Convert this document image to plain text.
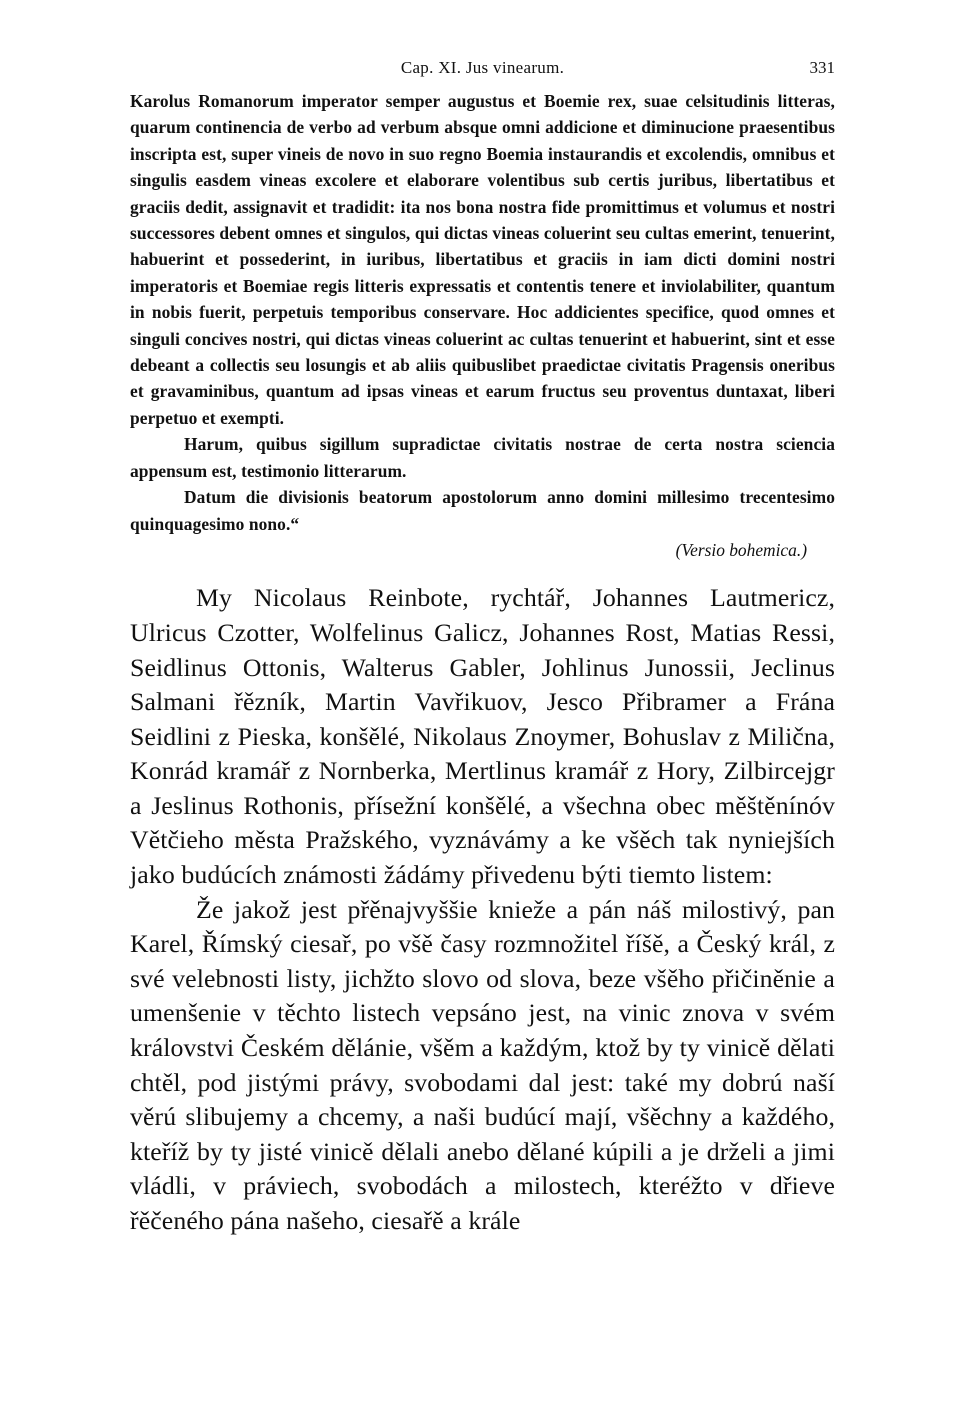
Cap. XI. Jus vinearum.	331

Karolus Romanorum imperator semper augustus et Boemie rex, suae celsitudinis litteras, quarum continencia de verbo ad verbum absque omni addicione et diminucione praesentibus inscripta est, super vineis de novo in suo regno Boemia instaurandis et excolendis, omnibus et singulis easdem vineas excolere et elaborare volentibus sub certis juribus, libertatibus et graciis dedit, assignavit et tradidit: ita nos bona nostra fide promittimus et volumus et nostri successores debent omnes et singulos, qui dictas vineas coluerint seu cultas emerint, tenuerint, habuerint et possederint, in iuribus, libertatibus et graciis in iam dicti domini nostri imperatoris et Boemiae regis litteris expressatis et contentis tenere et inviolabiliter, quantum in nobis fuerit, perpetuis temporibus conservare. Hoc addicientes specifice, quod omnes et singuli concives nostri, qui dictas vineas coluerint ac cultas tenuerint et habuerint, sint et esse debeant a collectis seu losungis et ab aliis quibuslibet praedictae civitatis Pragensis oneribus et gravaminibus, quantum ad ipsas vineas et earum fructus seu proventus duntaxat, liberi perpetuo et exempti.

Harum, quibus sigillum supradictae civitatis nostrae de certa nostra sciencia appensum est, testimonio litterarum.

Datum die divisionis beatorum apostolorum anno domini millesimo trecentesimo quinquagesimo nono.“

(Versio bohemica.)

My Nicolaus Reinbote, rychtář, Johannes Lautmericz, Ulricus Czotter, Wolfelinus Galicz, Johannes Rost, Matias Ressi, Seidlinus Ottonis, Walterus Gabler, Johlinus Junossii, Jeclinus Salmani řězník, Martin Vavřikuov, Jesco Přibramer a Frána Seidlini z Pieska, konšělé, Nikolaus Znoymer, Bohuslav z Milična, Konrád kramář z Nornberka, Mertlinus kramář z Hory, Zilbircejgr a Jeslinus Rothonis, přísežní konšělé, a všechna obec měštěnínóv Větčieho města Pražského, vyznávámy a ke všěch tak nyniejších jako budúcích známosti žádámy přivedenu býti tiemto listem:

Že jakož jest přěnajvyššie knieže a pán náš milostivý, pan Karel, Římský ciesař, po všě časy rozmnožitel říšě, a Český král, z své velebnosti listy, jichžto slovo od slova, beze všěho přičiněnie a umenšenie v těchto listech vepsáno jest, na vinic znova v svém královstvi Českém dělánie, všěm a každým, ktož by ty vinicě dělati chtěl, pod jistými právy, svobodami dal jest: také my dobrú naší věrú slibujemy a chcemy, a naši budúcí mají, všěchny a každého, kteříž by ty jisté vinicě dělali anebo dělané kúpili a je drželi a jimi vládli, v práviech, svobodách a milostech, kteréžto v dřieve řěčeného pána našeho, ciesařě a krále
